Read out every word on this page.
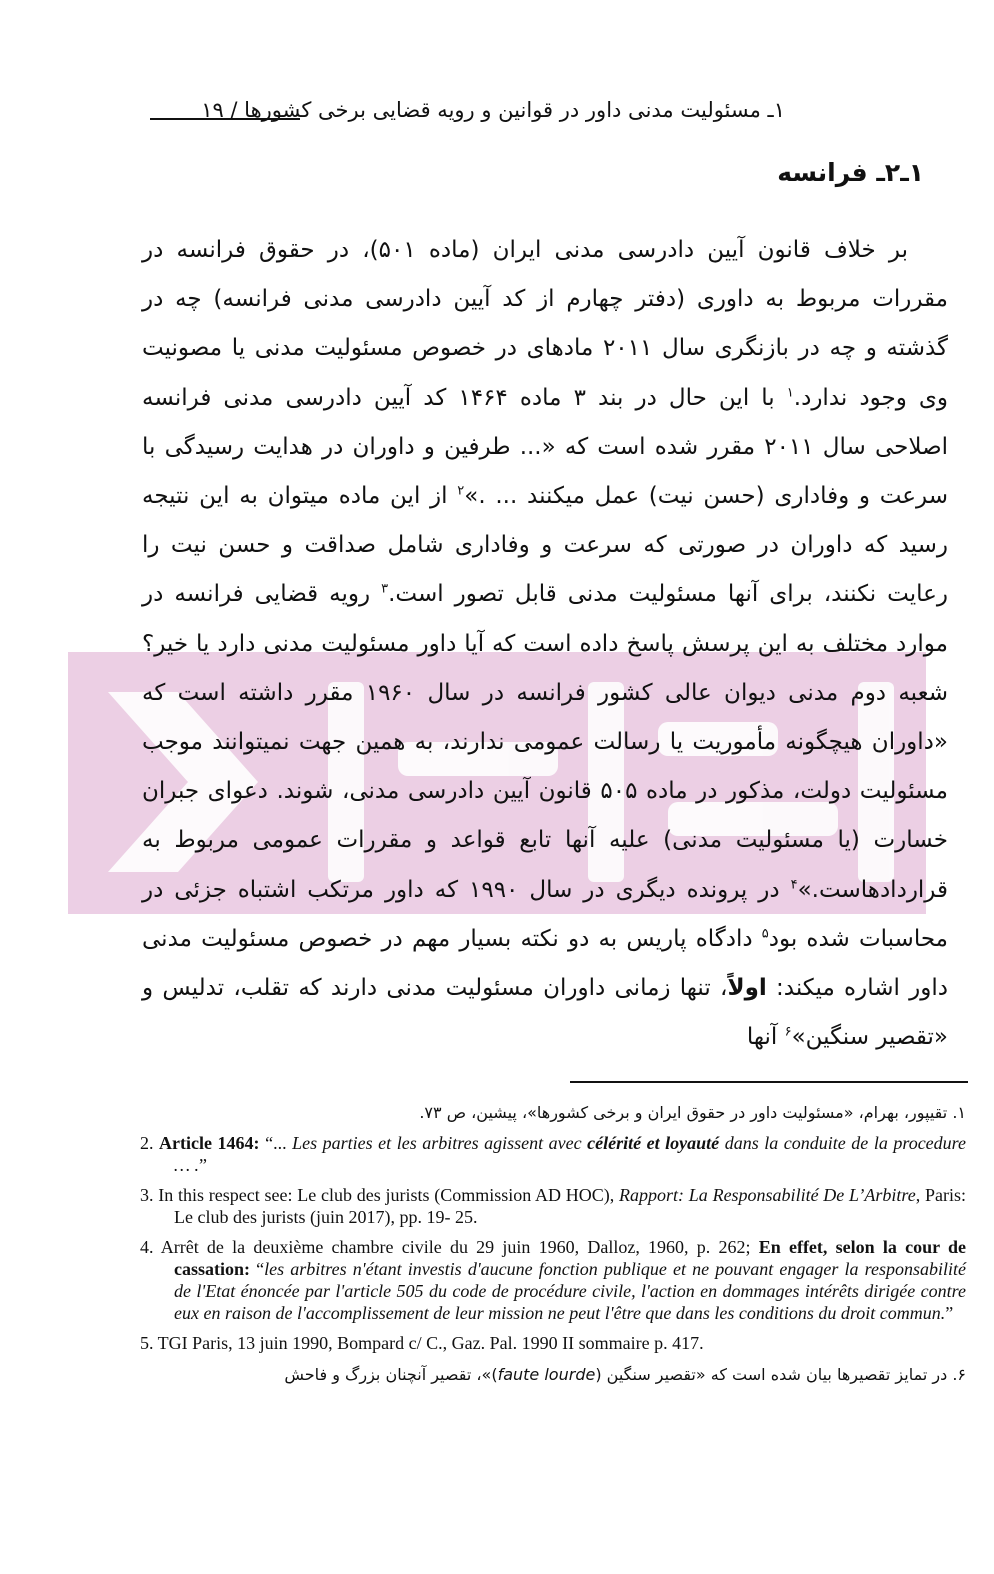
۱ـ مسئولیت مدنی داور در قوانین و رویه قضایی برخی کشورها / ۱۹
۱ـ۲ـ فرانسه

بر خلاف قانون آیین دادرسی مدنی ایران (ماده ۵۰۱)، در حقوق فرانسه در مقررات مربوط به داوری (دفتر چهارم از کد آیین دادرسی مدنی فرانسه) چه در گذشته و چه در بازنگری سال ۲۰۱۱ مادهای در خصوص مسئولیت مدنی یا مصونیت وی وجود ندارد.$^۱$ با این حال در بند ۳ ماده ۱۴۶۴ کد آیین دادرسی مدنی فرانسه اصلاحی سال ۲۰۱۱ مقرر شده است که «... طرفین و داوران در هدایت رسیدگی با سرعت و وفاداری (حسن نیت) عمل میکنند ... .»$^۲$ از این ماده میتوان به این نتیجه رسید که داوران در صورتی که سرعت و وفاداری شامل صداقت و حسن نیت را رعایت نکنند، برای آنها مسئولیت مدنی قابل تصور است.$^۳$ رویه قضایی فرانسه در موارد مختلف به این پرسش پاسخ داده است که آیا داور مسئولیت مدنی دارد یا خیر؟ شعبه دوم مدنی دیوان عالی کشور فرانسه در سال ۱۹۶۰ مقرر داشته است که «داوران هیچگونه مأموریت یا رسالت عمومی ندارند، به همین جهت نمیتوانند موجب مسئولیت دولت، مذکور در ماده ۵۰۵ قانون آیین دادرسی مدنی، شوند. دعوای جبران خسارت (یا مسئولیت مدنی) علیه آنها تابع قواعد و مقررات عمومی مربوط به قراردادهاست.»$^۴$ در پرونده دیگری در سال ۱۹۹۰ که داور مرتکب اشتباه جزئی در محاسبات شده بود$^۵$ دادگاه پاریس به دو نکته بسیار مهم در خصوص مسئولیت مدنی داور اشاره میکند: اولاً، تنها زمانی داوران مسئولیت مدنی دارند که تقلب، تدلیس و «تقصیر سنگین»$^۶$ آنها

۱. تقیپور، بهرام، «مسئولیت داور در حقوق ایران و برخی کشورها»، پیشین، ص ۷۳.

2. Article 1464: “... Les parties et les arbitres agissent avec célérité et loyauté dans la conduite de la procedure … .”

3. In this respect see: Le club des jurists (Commission AD HOC), Rapport: La Responsabilité De L’Arbitre, Paris: Le club des jurists (juin 2017), pp. 19- 25.

4. Arrêt de la deuxième chambre civile du 29 juin 1960, Dalloz, 1960, p. 262; En effet, selon la cour de cassation: “les arbitres n'étant investis d'aucune fonction publique et ne pouvant engager la responsabilité de l'Etat énoncée par l'article 505 du code de procédure civile, l'action en dommages intérêts dirigée contre eux en raison de l'accomplissement de leur mission ne peut l'être que dans les conditions du droit commun.”

5. TGI Paris, 13 juin 1990, Bompard c/ C., Gaz. Pal. 1990 II sommaire p. 417.

۶. در تمایز تقصیرها بیان شده است که «تقصیر سنگین (faute lourde)»، تقصیر آنچنان بزرگ و فاحش
